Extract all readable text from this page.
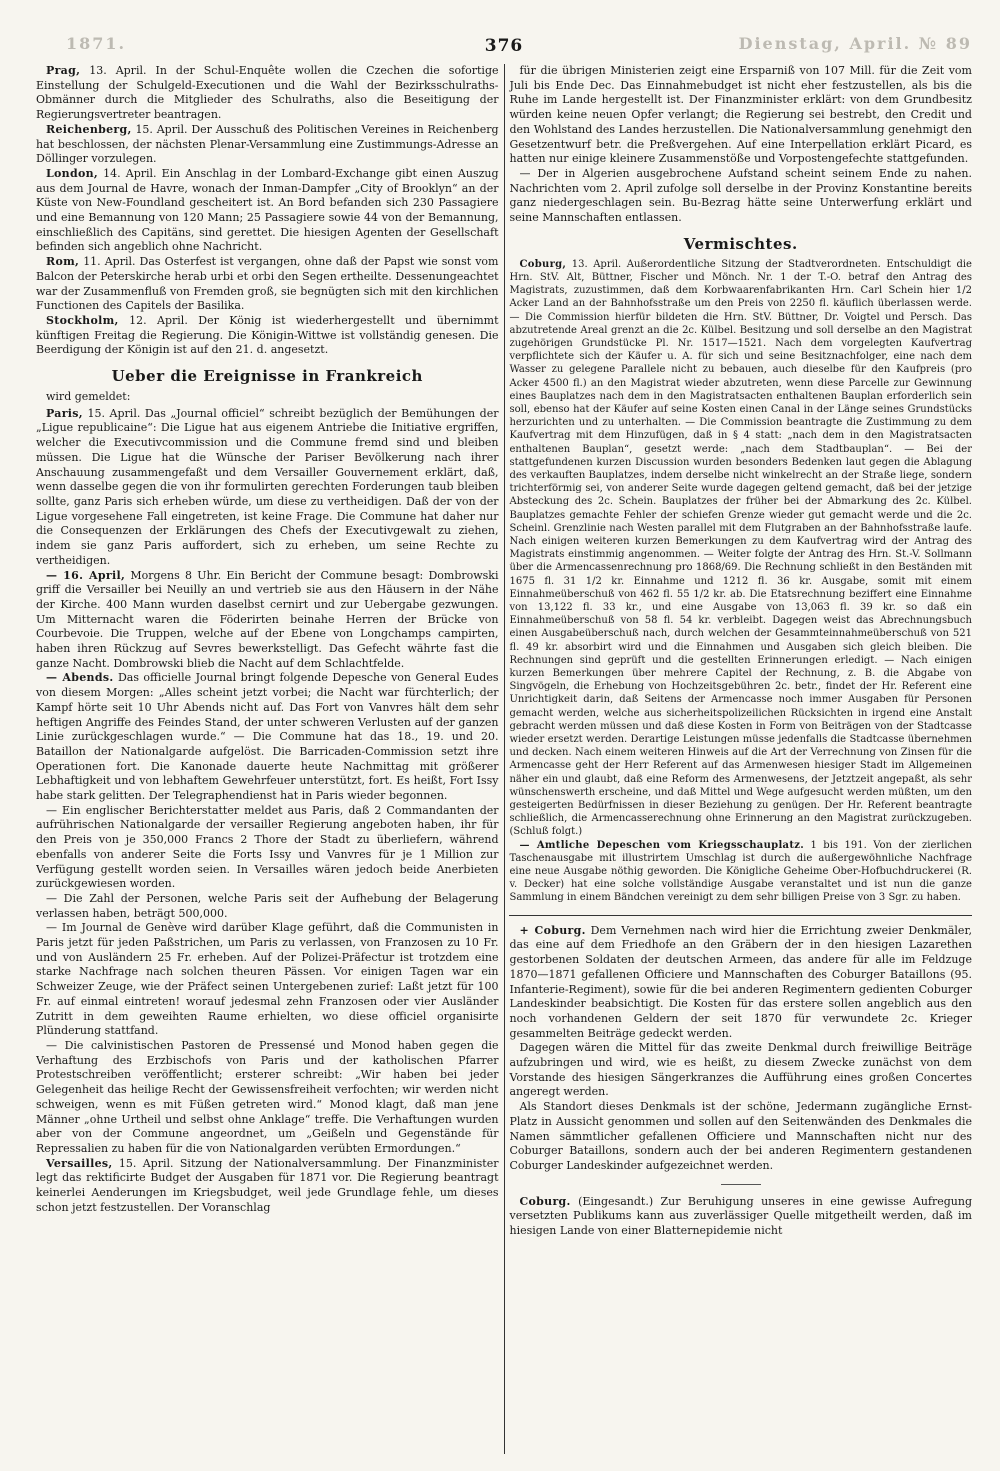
1871.	376	Dienstag, April. № 89

Prag, 13. April. In der Schul-Enquête wollen die Czechen die sofortige Einstellung der Schulgeld-Executionen und die Wahl der Bezirksschulraths-Obmänner durch die Mitglieder des Schulraths, also die Beseitigung der Regierungsvertreter beantragen.

Reichenberg, 15. April. Der Ausschuß des Politischen Vereines in Reichenberg hat beschlossen, der nächsten Plenar-Versammlung eine Zustimmungs-Adresse an Döllinger vorzulegen.

London, 14. April. Ein Anschlag in der Lombard-Exchange gibt einen Auszug aus dem Journal de Havre, wonach der Inman-Dampfer „City of Brooklyn“ an der Küste von New-Foundland gescheitert ist. An Bord befanden sich 230 Passagiere und eine Bemannung von 120 Mann; 25 Passagiere sowie 44 von der Bemannung, einschließlich des Capitäns, sind gerettet. Die hiesigen Agenten der Gesellschaft befinden sich angeblich ohne Nachricht.

Rom, 11. April. Das Osterfest ist vergangen, ohne daß der Papst wie sonst vom Balcon der Peterskirche herab urbi et orbi den Segen ertheilte. Dessenungeachtet war der Zusammenfluß von Fremden groß, sie begnügten sich mit den kirchlichen Functionen des Capitels der Basilika.

Stockholm, 12. April. Der König ist wiederhergestellt und übernimmt künftigen Freitag die Regierung. Die Königin-Wittwe ist vollständig genesen. Die Beerdigung der Königin ist auf den 21. d. angesetzt.

Ueber die Ereignisse in Frankreich

wird gemeldet:

Paris, 15. April. Das „Journal officiel“ schreibt bezüglich der Bemühungen der „Ligue republicaine“: Die Ligue hat aus eigenem Antriebe die Initiative ergriffen, welcher die Executivcommission und die Commune fremd sind und bleiben müssen. Die Ligue hat die Wünsche der Pariser Bevölkerung nach ihrer Anschauung zusammengefaßt und dem Versailler Gouvernement erklärt, daß, wenn dasselbe gegen die von ihr formulirten gerechten Forderungen taub bleiben sollte, ganz Paris sich erheben würde, um diese zu vertheidigen. Daß der von der Ligue vorgesehene Fall eingetreten, ist keine Frage. Die Commune hat daher nur die Consequenzen der Erklärungen des Chefs der Executivgewalt zu ziehen, indem sie ganz Paris auffordert, sich zu erheben, um seine Rechte zu vertheidigen.

— 16. April, Morgens 8 Uhr. Ein Bericht der Commune besagt: Dombrowski griff die Versailler bei Neuilly an und vertrieb sie aus den Häusern in der Nähe der Kirche. 400 Mann wurden daselbst cernirt und zur Uebergabe gezwungen. Um Mitternacht waren die Föderirten beinahe Herren der Brücke von Courbevoie. Die Truppen, welche auf der Ebene von Longchamps campirten, haben ihren Rückzug auf Sevres bewerkstelligt. Das Gefecht währte fast die ganze Nacht. Dombrowski blieb die Nacht auf dem Schlachtfelde.

— Abends. Das officielle Journal bringt folgende Depesche von General Eudes von diesem Morgen: „Alles scheint jetzt vorbei; die Nacht war fürchterlich; der Kampf hörte seit 10 Uhr Abends nicht auf. Das Fort von Vanvres hält dem sehr heftigen Angriffe des Feindes Stand, der unter schweren Verlusten auf der ganzen Linie zurückgeschlagen wurde.“ — Die Commune hat das 18., 19. und 20. Bataillon der Nationalgarde aufgelöst. Die Barricaden-Commission setzt ihre Operationen fort. Die Kanonade dauerte heute Nachmittag mit größerer Lebhaftigkeit und von lebhaftem Gewehrfeuer unterstützt, fort. Es heißt, Fort Issy habe stark gelitten. Der Telegraphendienst hat in Paris wieder begonnen.

— Ein englischer Berichterstatter meldet aus Paris, daß 2 Commandanten der aufrührischen Nationalgarde der versailler Regierung angeboten haben, ihr für den Preis von je 350,000 Francs 2 Thore der Stadt zu überliefern, während ebenfalls von anderer Seite die Forts Issy und Vanvres für je 1 Million zur Verfügung gestellt worden seien. In Versailles wären jedoch beide Anerbieten zurückgewiesen worden.

— Die Zahl der Personen, welche Paris seit der Aufhebung der Belagerung verlassen haben, beträgt 500,000.

— Im Journal de Genève wird darüber Klage geführt, daß die Communisten in Paris jetzt für jeden Paßstrichen, um Paris zu verlassen, von Franzosen zu 10 Fr. und von Ausländern 25 Fr. erheben. Auf der Polizei-Präfectur ist trotzdem eine starke Nachfrage nach solchen theuren Pässen. Vor einigen Tagen war ein Schweizer Zeuge, wie der Präfect seinen Untergebenen zurief: Laßt jetzt für 100 Fr. auf einmal eintreten! worauf jedesmal zehn Franzosen oder vier Ausländer Zutritt in dem geweihten Raume erhielten, wo diese officiel organisirte Plünderung stattfand.

— Die calvinistischen Pastoren de Pressensé und Monod haben gegen die Verhaftung des Erzbischofs von Paris und der katholischen Pfarrer Protestschreiben veröffentlicht; ersterer schreibt: „Wir haben bei jeder Gelegenheit das heilige Recht der Gewissensfreiheit verfochten; wir werden nicht schweigen, wenn es mit Füßen getreten wird.“ Monod klagt, daß man jene Männer „ohne Urtheil und selbst ohne Anklage“ treffe. Die Verhaftungen wurden aber von der Commune angeordnet, um „Geißeln und Gegenstände für Repressalien zu haben für die von Nationalgarden verübten Ermordungen.“

Versailles, 15. April. Sitzung der Nationalversammlung. Der Finanzminister legt das rektificirte Budget der Ausgaben für 1871 vor. Die Regierung beantragt keinerlei Aenderungen im Kriegsbudget, weil jede Grundlage fehle, um dieses schon jetzt festzustellen. Der Voranschlag

für die übrigen Ministerien zeigt eine Ersparniß von 107 Mill. für die Zeit vom Juli bis Ende Dec. Das Einnahmebudget ist nicht eher festzustellen, als bis die Ruhe im Lande hergestellt ist. Der Finanzminister erklärt: von dem Grundbesitz würden keine neuen Opfer verlangt; die Regierung sei bestrebt, den Credit und den Wohlstand des Landes herzustellen. Die Nationalversammlung genehmigt den Gesetzentwurf betr. die Preßvergehen. Auf eine Interpellation erklärt Picard, es hatten nur einige kleinere Zusammenstöße und Vorpostengefechte stattgefunden.

— Der in Algerien ausgebrochene Aufstand scheint seinem Ende zu nahen. Nachrichten vom 2. April zufolge soll derselbe in der Provinz Konstantine bereits ganz niedergeschlagen sein. Bu-Bezrag hätte seine Unterwerfung erklärt und seine Mannschaften entlassen.

Vermischtes.

Coburg, 13. April. Außerordentliche Sitzung der Stadtverordneten. Entschuldigt die Hrn. StV. Alt, Büttner, Fischer und Mönch. Nr. 1 der T.-O. betraf den Antrag des Magistrats, zuzustimmen, daß dem Korbwaarenfabrikanten Hrn. Carl Schein hier 1/2 Acker Land an der Bahnhofsstraße um den Preis von 2250 fl. käuflich überlassen werde. — Die Commission hierfür bildeten die Hrn. StV. Büttner, Dr. Voigtel und Persch. Das abzutretende Areal grenzt an die 2c. Külbel. Besitzung und soll derselbe an den Magistrat zugehörigen Grundstücke Pl. Nr. 1517—1521. Nach dem vorgelegten Kaufvertrag verpflichtete sich der Käufer u. A. für sich und seine Besitznachfolger, eine nach dem Wasser zu gelegene Parallele nicht zu bebauen, auch dieselbe für den Kaufpreis (pro Acker 4500 fl.) an den Magistrat wieder abzutreten, wenn diese Parcelle zur Gewinnung eines Bauplatzes nach dem in den Magistratsacten enthaltenen Bauplan erforderlich sein soll, ebenso hat der Käufer auf seine Kosten einen Canal in der Länge seines Grundstücks herzurichten und zu unterhalten. — Die Commission beantragte die Zustimmung zu dem Kaufvertrag mit dem Hinzufügen, daß in § 4 statt: „nach dem in den Magistratsacten enthaltenen Bauplan“, gesetzt werde: „nach dem Stadtbauplan“. — Bei der stattgefundenen kurzen Discussion wurden besonders Bedenken laut gegen die Ablagung des verkauften Bauplatzes, indem derselbe nicht winkelrecht an der Straße liege, sondern trichterförmig sei, von anderer Seite wurde dagegen geltend gemacht, daß bei der jetzige Absteckung des 2c. Schein. Bauplatzes der früher bei der Abmarkung des 2c. Külbel. Bauplatzes gemachte Fehler der schiefen Grenze wieder gut gemacht werde und die 2c. Scheinl. Grenzlinie nach Westen parallel mit dem Flutgraben an der Bahnhofsstraße laufe. Nach einigen weiteren kurzen Bemerkungen zu dem Kaufvertrag wird der Antrag des Magistrats einstimmig angenommen. — Weiter folgte der Antrag des Hrn. St.-V. Sollmann über die Armencassenrechnung pro 1868/69. Die Rechnung schließt in den Beständen mit 1675 fl. 31 1/2 kr. Einnahme und 1212 fl. 36 kr. Ausgabe, somit mit einem Einnahmeüberschuß von 462 fl. 55 1/2 kr. ab. Die Etatsrechnung beziffert eine Einnahme von 13,122 fl. 33 kr., und eine Ausgabe von 13,063 fl. 39 kr. so daß ein Einnahmeüberschuß von 58 fl. 54 kr. verbleibt. Dagegen weist das Abrechnungsbuch einen Ausgabeüberschuß nach, durch welchen der Gesammteinnahmeüberschuß von 521 fl. 49 kr. absorbirt wird und die Einnahmen und Ausgaben sich gleich bleiben. Die Rechnungen sind geprüft und die gestellten Erinnerungen erledigt. — Nach einigen kurzen Bemerkungen über mehrere Capitel der Rechnung, z. B. die Abgabe von Singvögeln, die Erhebung von Hochzeitsgebühren 2c. betr., findet der Hr. Referent eine Unrichtigkeit darin, daß Seitens der Armencasse noch immer Ausgaben für Personen gemacht werden, welche aus sicherheitspolizeilichen Rücksichten in irgend eine Anstalt gebracht werden müssen und daß diese Kosten in Form von Beiträgen von der Stadtcasse wieder ersetzt werden. Derartige Leistungen müsse jedenfalls die Stadtcasse übernehmen und decken. Nach einem weiteren Hinweis auf die Art der Verrechnung von Zinsen für die Armencasse geht der Herr Referent auf das Armenwesen hiesiger Stadt im Allgemeinen näher ein und glaubt, daß eine Reform des Armenwesens, der Jetztzeit angepaßt, als sehr wünschenswerth erscheine, und daß Mittel und Wege aufgesucht werden müßten, um den gesteigerten Bedürfnissen in dieser Beziehung zu genügen. Der Hr. Referent beantragte schließlich, die Armencasserechnung ohne Erinnerung an den Magistrat zurückzugeben. (Schluß folgt.)

— Amtliche Depeschen vom Kriegsschauplatz. 1 bis 191. Von der zierlichen Taschenausgabe mit illustrirtem Umschlag ist durch die außergewöhnliche Nachfrage eine neue Ausgabe nöthig geworden. Die Königliche Geheime Ober-Hofbuchdruckerei (R. v. Decker) hat eine solche vollständige Ausgabe veranstaltet und ist nun die ganze Sammlung in einem Bändchen vereinigt zu dem sehr billigen Preise von 3 Sgr. zu haben.

+ Coburg. Dem Vernehmen nach wird hier die Errichtung zweier Denkmäler, das eine auf dem Friedhofe an den Gräbern der in den hiesigen Lazarethen gestorbenen Soldaten der deutschen Armeen, das andere für alle im Feldzuge 1870—1871 gefallenen Officiere und Mannschaften des Coburger Bataillons (95. Infanterie-Regiment), sowie für die bei anderen Regimentern gedienten Coburger Landeskinder beabsichtigt. Die Kosten für das erstere sollen angeblich aus den noch vorhandenen Geldern der seit 1870 für verwundete 2c. Krieger gesammelten Beiträge gedeckt werden.

Dagegen wären die Mittel für das zweite Denkmal durch freiwillige Beiträge aufzubringen und wird, wie es heißt, zu diesem Zwecke zunächst von dem Vorstande des hiesigen Sängerkranzes die Aufführung eines großen Concertes angeregt werden.

Als Standort dieses Denkmals ist der schöne, Jedermann zugängliche Ernst-Platz in Aussicht genommen und sollen auf den Seitenwänden des Denkmales die Namen sämmtlicher gefallenen Officiere und Mannschaften nicht nur des Coburger Bataillons, sondern auch der bei anderen Regimentern gestandenen Coburger Landeskinder aufgezeichnet werden.

Coburg. (Eingesandt.) Zur Beruhigung unseres in eine gewisse Aufregung versetzten Publikums kann aus zuverlässiger Quelle mitgetheilt werden, daß im hiesigen Lande von einer Blatternepidemie nicht
